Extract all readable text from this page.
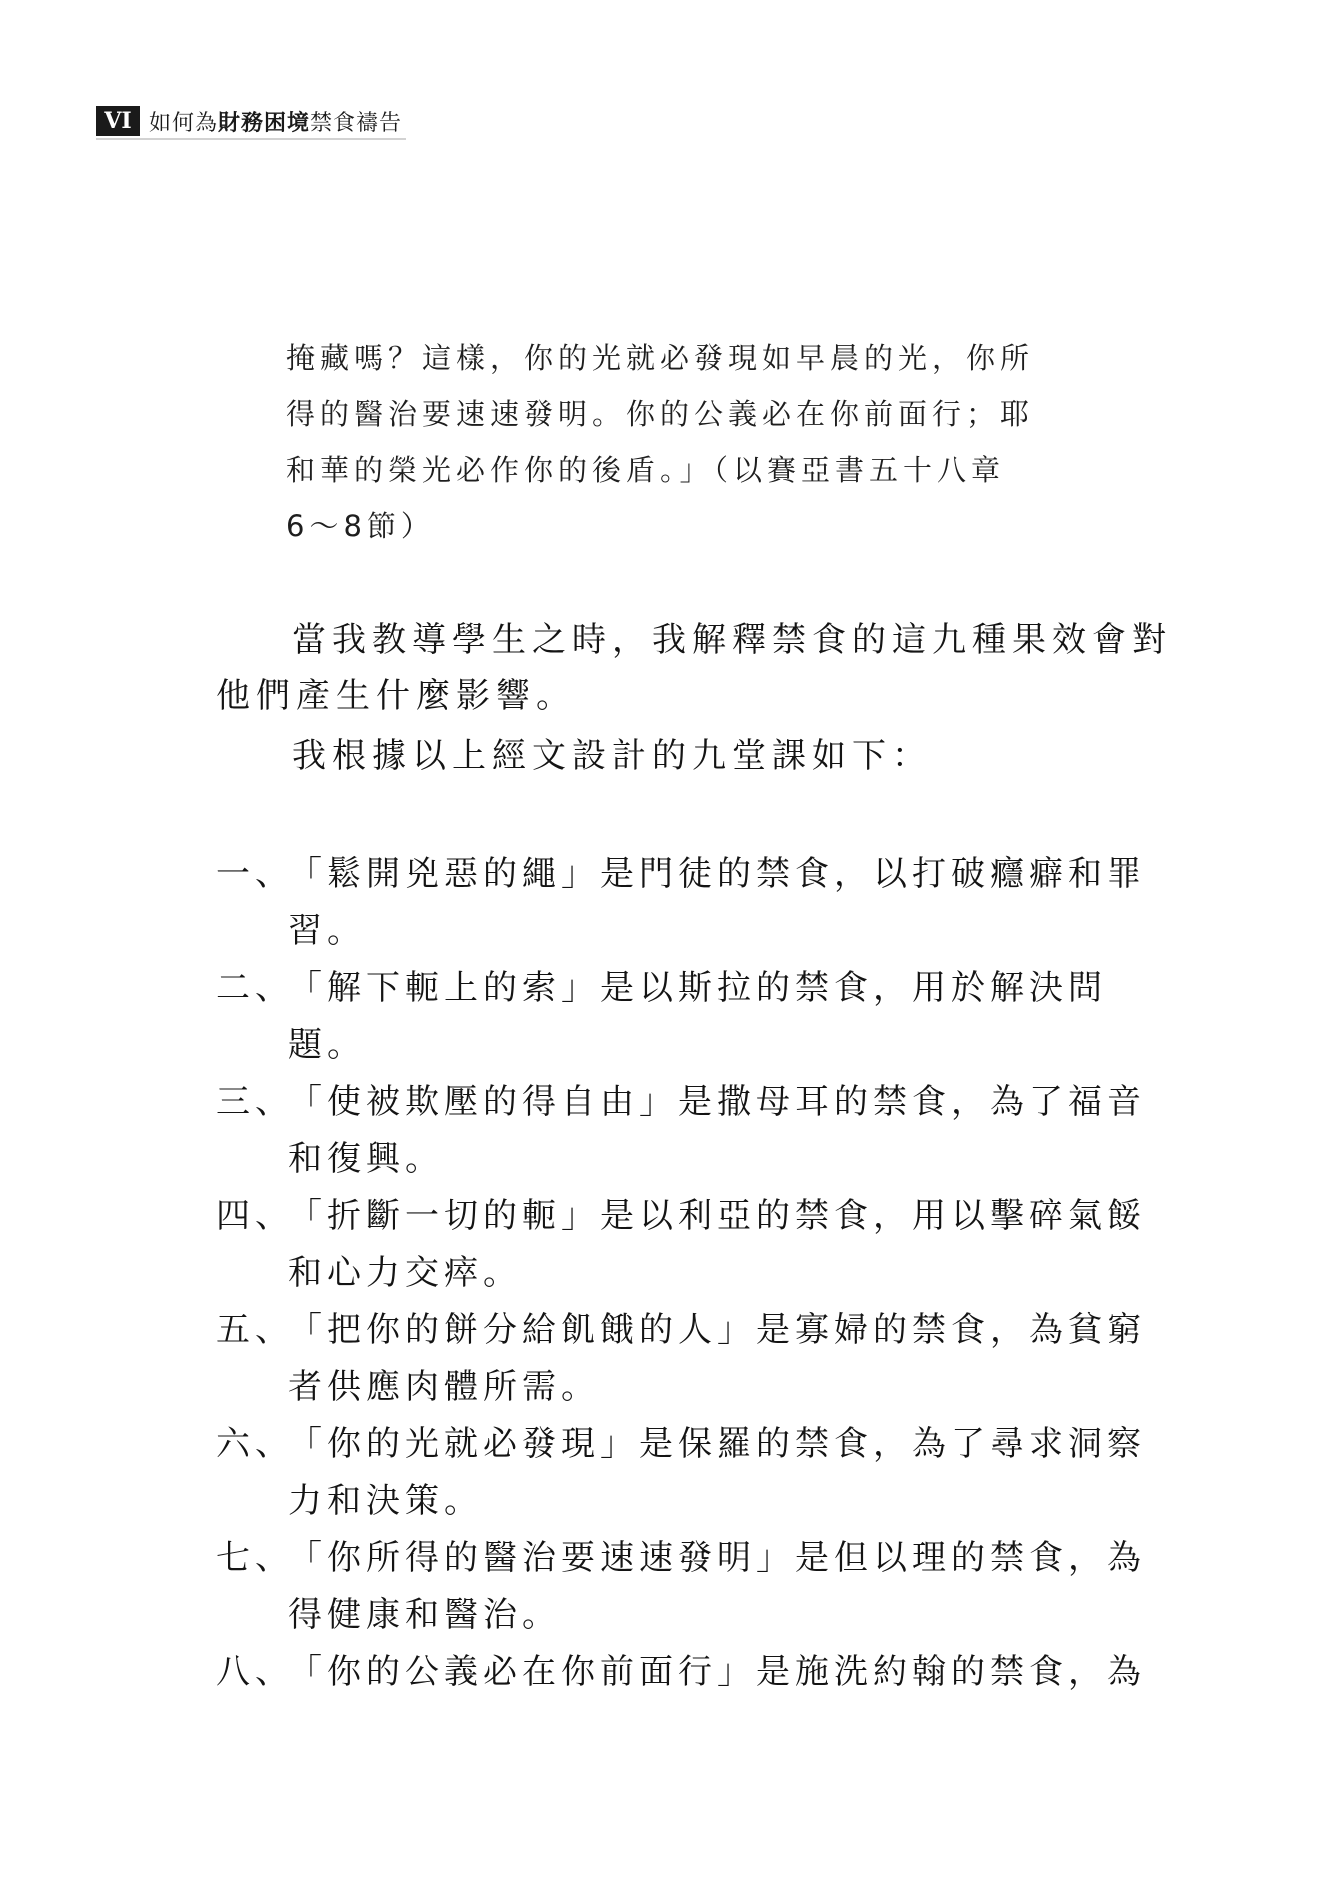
VI 如何為財務困境禁食禱告
掩藏嗎？這樣，你的光就必發現如早晨的光，你所
得的醫治要速速發明。你的公義必在你前面行；耶
和華的榮光必作你的後盾。」（以賽亞書五十八章
6～8節）

當我教導學生之時，我解釋禁食的這九種果效會對
他們產生什麼影響。

我根據以上經文設計的九堂課如下：

一、「鬆開兇惡的繩」是門徒的禁食，以打破癮癖和罪
習。
二、「解下軛上的索」是以斯拉的禁食，用於解決問
題。
三、「使被欺壓的得自由」是撒母耳的禁食，為了福音
和復興。
四、「折斷一切的軛」是以利亞的禁食，用以擊碎氣餒
和心力交瘁。
五、「把你的餅分給飢餓的人」是寡婦的禁食，為貧窮
者供應肉體所需。
六、「你的光就必發現」是保羅的禁食，為了尋求洞察
力和決策。
七、「你所得的醫治要速速發明」是但以理的禁食，為
得健康和醫治。
八、「你的公義必在你前面行」是施洗約翰的禁食，為
